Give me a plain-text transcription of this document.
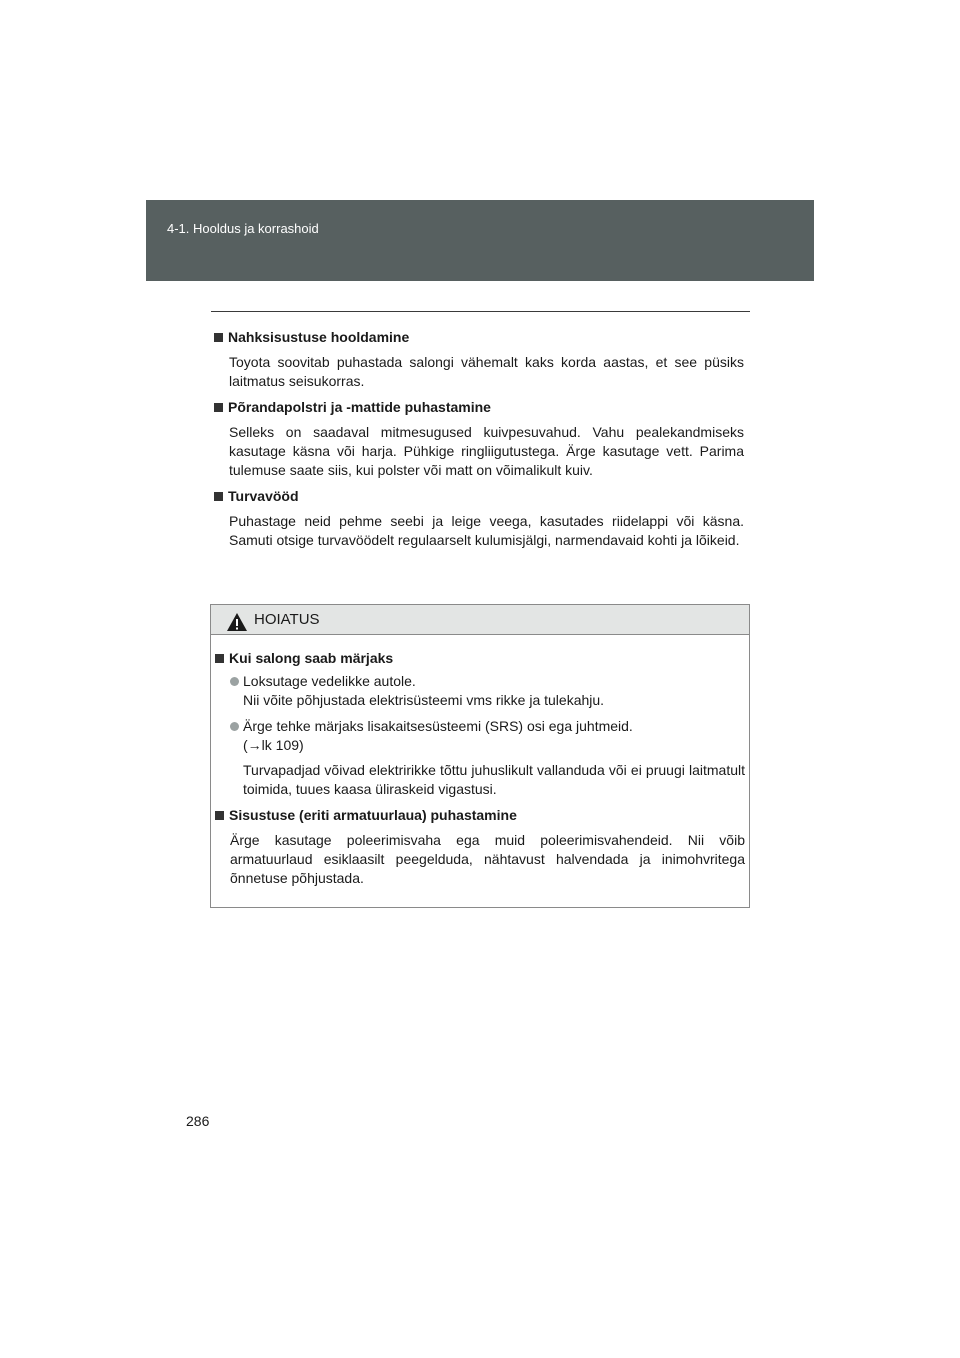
4-1. Hooldus ja korrashoid
Nahksisustuse hooldamine
Toyota soovitab puhastada salongi vähemalt kaks korda aastas, et see püsiks laitmatus seisukorras.
Põrandapolstri ja -mattide puhastamine
Selleks on saadaval mitmesugused kuivpesuvahud. Vahu pealekandmiseks kasutage käsna või harja. Pühkige ringliigutustega. Ärge kasutage vett. Parima tulemuse saate siis, kui polster või matt on võimalikult kuiv.
Turvavööd
Puhastage neid pehme seebi ja leige veega, kasutades riidelappi või käsna. Samuti otsige turvavöödelt regulaarselt kulumisjälgi, narmendavaid kohti ja lõikeid.
HOIATUS
Kui salong saab märjaks
Loksutage vedelikke autole.
Nii võite põhjustada elektrisüsteemi vms rikke ja tulekahju.
Ärge tehke märjaks lisakaitsesüsteemi (SRS) osi ega juhtmeid.
(→lk 109)
Turvapadjad võivad elektririkke tõttu juhuslikult vallanduda või ei pruugi laitmatult toimida, tuues kaasa üliraskeid vigastusi.
Sisustuse (eriti armatuurlaua) puhastamine
Ärge kasutage poleerimisvaha ega muid poleerimisvahendeid. Nii võib armatuurlaud esiklaasilt peegelduda, nähtavust halvendada ja inimohvritega õnnetuse põhjustada.
286
